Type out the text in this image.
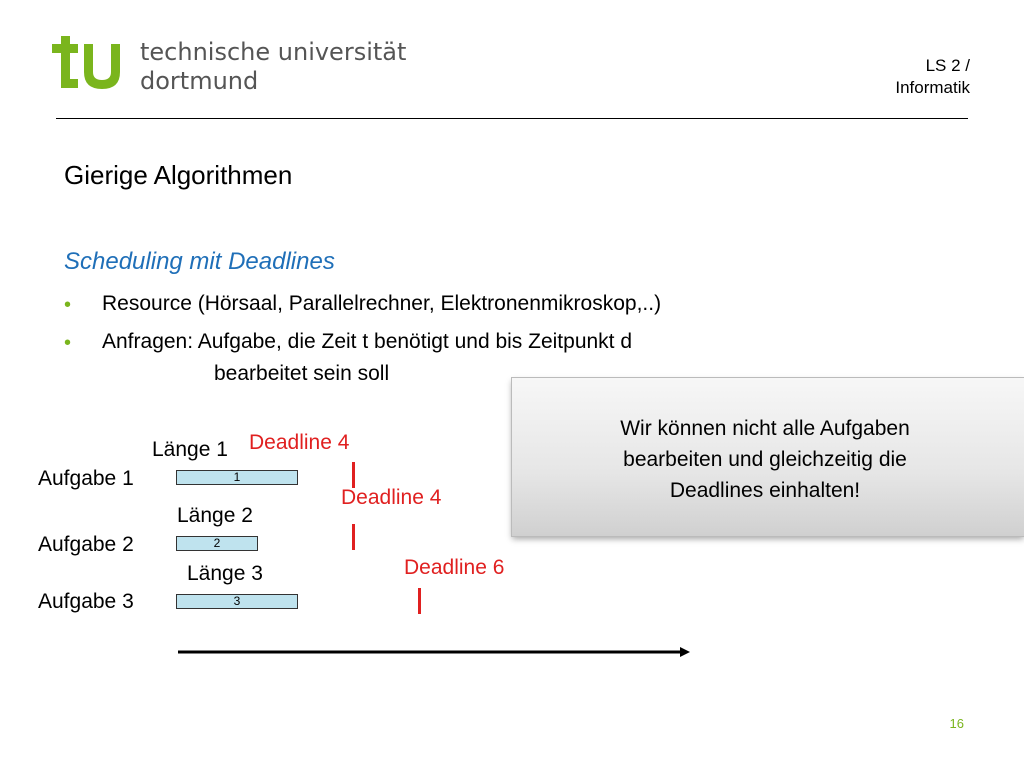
technische universität
dortmund
LS 2 /
Informatik
Gierige Algorithmen
Scheduling mit Deadlines
• Resource (Hörsaal, Parallelrechner, Elektronenmikroskop,..)
• Anfragen: Aufgabe, die Zeit t benötigt und bis Zeitpunkt d
bearbeitet sein soll
Wir können nicht alle Aufgaben
bearbeiten und gleichzeitig die
Deadlines einhalten!
Länge 1 Deadline 4
Aufgabe 1	1
Deadline 4
Länge 2
Aufgabe 2	2
Deadline 6
Länge 3
Aufgabe 3	3
16
